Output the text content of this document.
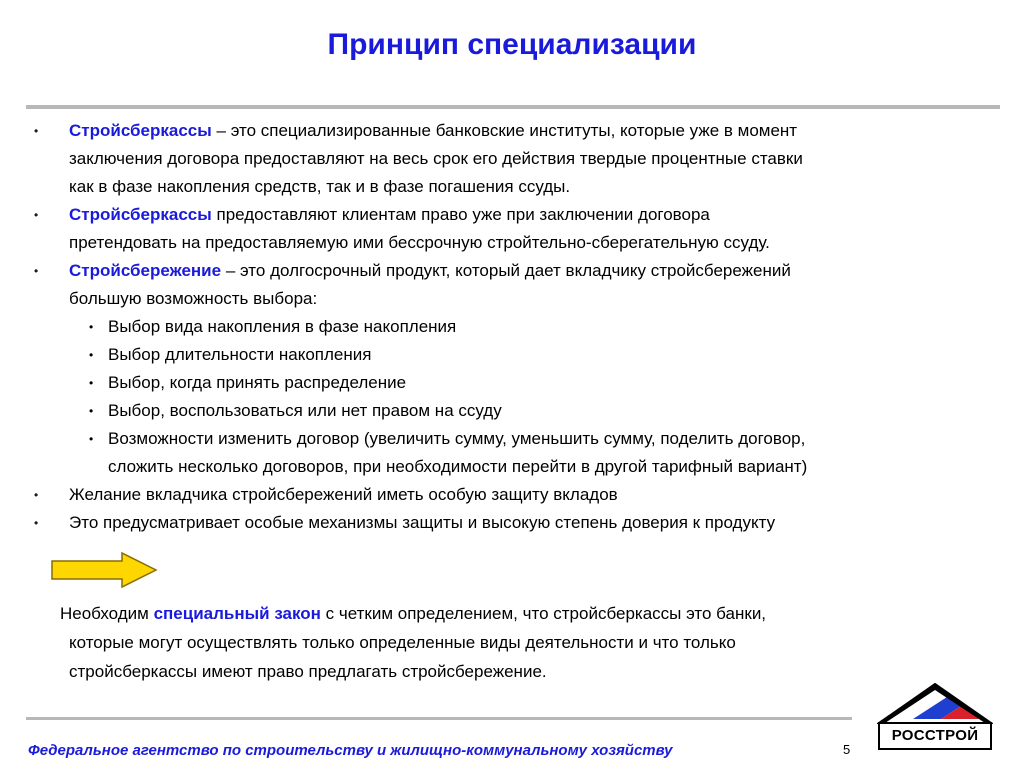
Принцип специализации
• Стройсберкассы – это специализированные банковские институты, которые уже в момент
заключения договора предоставляют на весь срок его действия твердые процентные ставки
как в фазе накопления средств, так и в фазе погашения ссуды.
• Стройсберкассы предоставляют клиентам право уже при заключении договора
претендовать на предоставляемую ими бессрочную стройтельно-сберегательную ссуду.
• Стройсбережение – это долгосрочный продукт, который дает вкладчику стройсбережений
большую возможность выбора:
• Выбор вида накопления в фазе накопления
• Выбор длительности накопления
• Выбор, когда принять распределение
• Выбор, воспользоваться или нет правом на ссуду
• Возможности изменить договор (увеличить сумму, уменьшить сумму, поделить договор,
сложить несколько договоров, при необходимости перейти в другой тарифный вариант)
• Желание вкладчика стройсбережений иметь особую защиту вкладов
• Это предусматривает особые механизмы защиты и высокую степень доверия к продукту
Необходим специальный закон с четким определением, что стройсберкассы это банки,
которые могут осуществлять только определенные виды деятельности и что только
стройсберкассы имеют право предлагать стройсбережение.
Федеральное агентство по строительству и жилищно-коммунальному хозяйству	5
РОССТРОЙ
